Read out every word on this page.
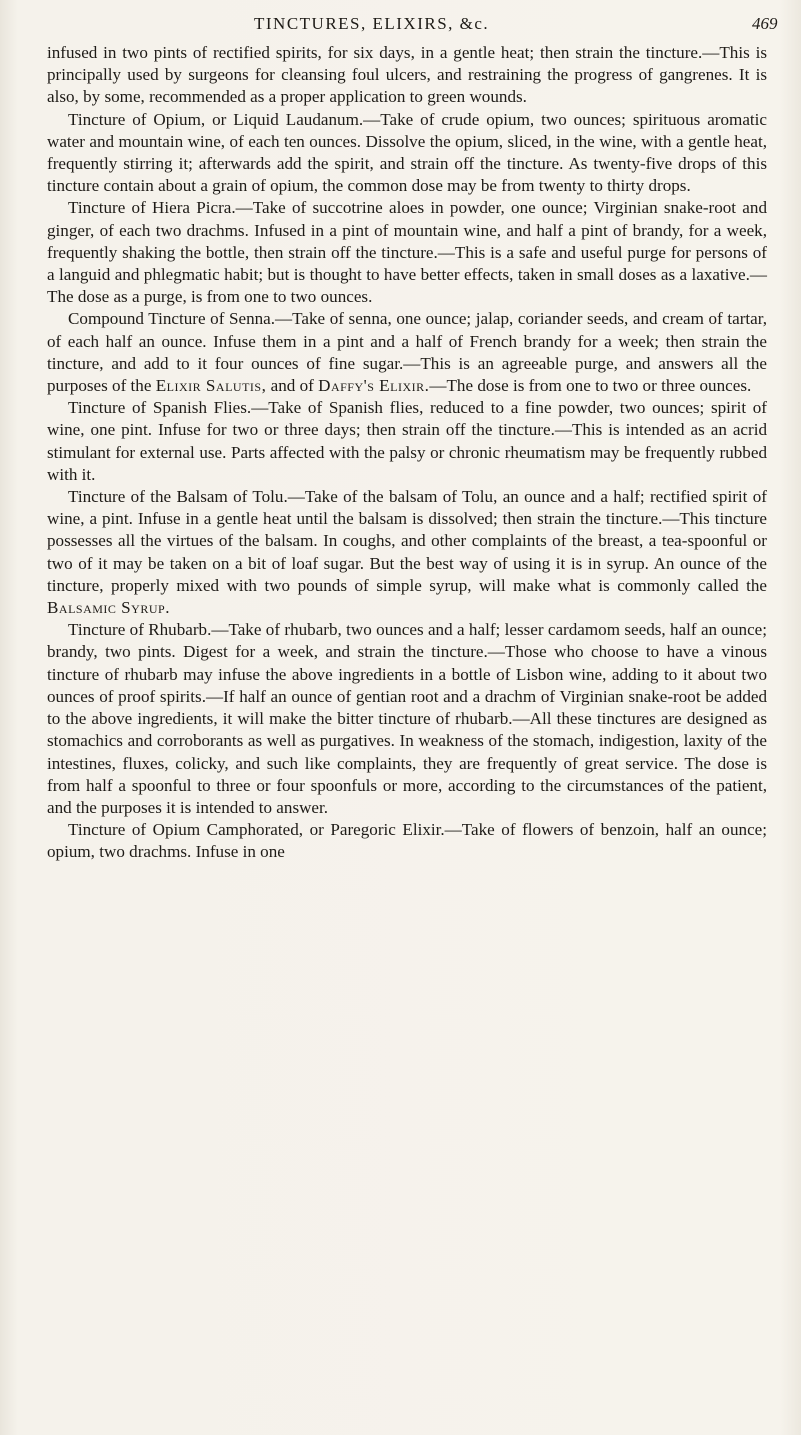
TINCTURES, ELIXIRS, &c.	469

infused in two pints of rectified spirits, for six days, in a gentle heat; then strain the tincture.—This is principally used by surgeons for cleansing foul ulcers, and restraining the progress of gangrenes. It is also, by some, recommended as a proper application to green wounds.

Tincture of Opium, or Liquid Laudanum.—Take of crude opium, two ounces; spirituous aromatic water and mountain wine, of each ten ounces. Dissolve the opium, sliced, in the wine, with a gentle heat, frequently stirring it; afterwards add the spirit, and strain off the tincture. As twenty-five drops of this tincture contain about a grain of opium, the common dose may be from twenty to thirty drops.

Tincture of Hiera Picra.—Take of succotrine aloes in powder, one ounce; Virginian snake-root and ginger, of each two drachms. Infused in a pint of mountain wine, and half a pint of brandy, for a week, frequently shaking the bottle, then strain off the tincture.—This is a safe and useful purge for persons of a languid and phlegmatic habit; but is thought to have better effects, taken in small doses as a laxative.—The dose as a purge, is from one to two ounces.

Compound Tincture of Senna.—Take of senna, one ounce; jalap, coriander seeds, and cream of tartar, of each half an ounce. Infuse them in a pint and a half of French brandy for a week; then strain the tincture, and add to it four ounces of fine sugar.—This is an agreeable purge, and answers all the purposes of the Elixir Salutis, and of Daffy's Elixir.—The dose is from one to two or three ounces.

Tincture of Spanish Flies.—Take of Spanish flies, reduced to a fine powder, two ounces; spirit of wine, one pint. Infuse for two or three days; then strain off the tincture.—This is intended as an acrid stimulant for external use. Parts affected with the palsy or chronic rheumatism may be frequently rubbed with it.

Tincture of the Balsam of Tolu.—Take of the balsam of Tolu, an ounce and a half; rectified spirit of wine, a pint. Infuse in a gentle heat until the balsam is dissolved; then strain the tincture.—This tincture possesses all the virtues of the balsam. In coughs, and other complaints of the breast, a tea-spoonful or two of it may be taken on a bit of loaf sugar. But the best way of using it is in syrup. An ounce of the tincture, properly mixed with two pounds of simple syrup, will make what is commonly called the Balsamic Syrup.

Tincture of Rhubarb.—Take of rhubarb, two ounces and a half; lesser cardamom seeds, half an ounce; brandy, two pints. Digest for a week, and strain the tincture.—Those who choose to have a vinous tincture of rhubarb may infuse the above ingredients in a bottle of Lisbon wine, adding to it about two ounces of proof spirits.—If half an ounce of gentian root and a drachm of Virginian snake-root be added to the above ingredients, it will make the bitter tincture of rhubarb.—All these tinctures are designed as stomachics and corroborants as well as purgatives. In weakness of the stomach, indigestion, laxity of the intestines, fluxes, colicky, and such like complaints, they are frequently of great service. The dose is from half a spoonful to three or four spoonfuls or more, according to the circumstances of the patient, and the purposes it is intended to answer.

Tincture of Opium Camphorated, or Paregoric Elixir.—Take of flowers of benzoin, half an ounce; opium, two drachms. Infuse in one
